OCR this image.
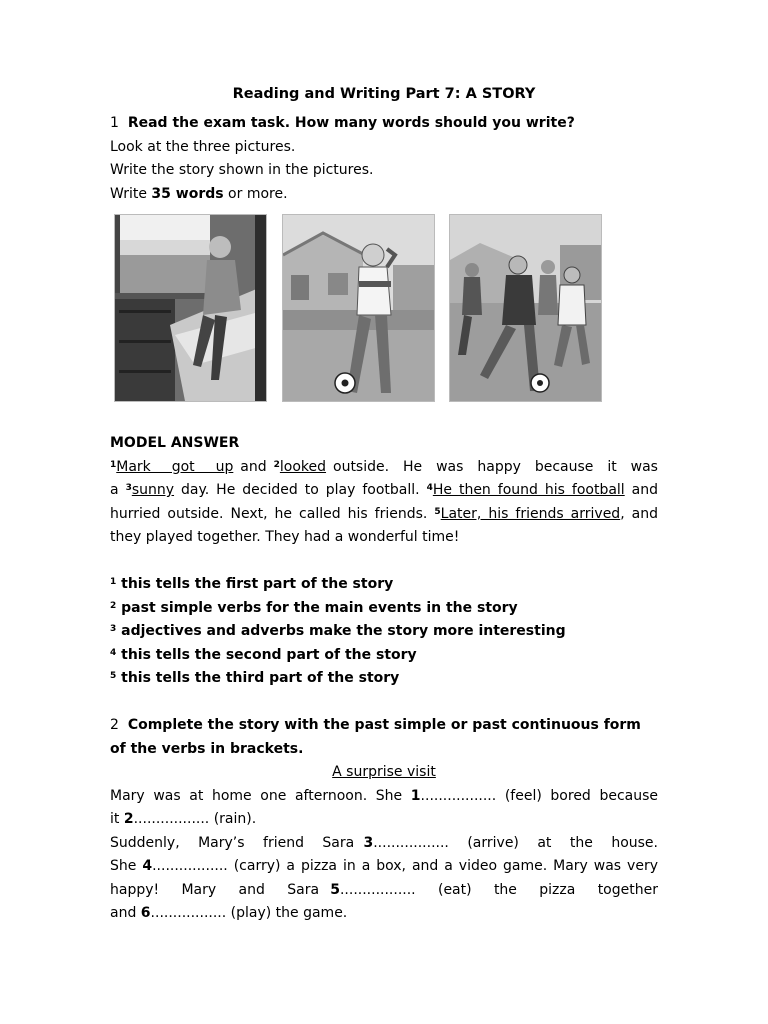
Reading and Writing Part 7: A STORY
1 Read the exam task. How many words should you write?
Look at the three pictures.
Write the story shown in the pictures.
Write 35 words or more.
MODEL ANSWER
$^1$Mark   got   up and $^2$looked outside.  He  was  happy  because  it  was
a $^3$sunny day. He decided to play football. $^4$He then found his football and
hurried outside. Next, he called his friends. $^5$Later, his friends arrived, and
they played together. They had a wonderful time!
$^1$ this tells the first part of the story
$^2$ past simple verbs for the main events in the story
$^3$ adjectives and adverbs make the story more interesting
$^4$ this tells the second part of the story
$^5$ this tells the third part of the story
2 Complete the story with the past simple or past continuous form
of the verbs in brackets.
A surprise visit
Mary was at home one afternoon. She 1................. (feel) bored because
it 2................. (rain).
Suddenly,  Mary’s  friend  Sara 3.................  (arrive)  at  the  house.
She 4................. (carry) a pizza in a box, and a video game. Mary was very
happy!  Mary  and  Sara 5.................  (eat)  the  pizza  together
and 6................. (play) the game.
